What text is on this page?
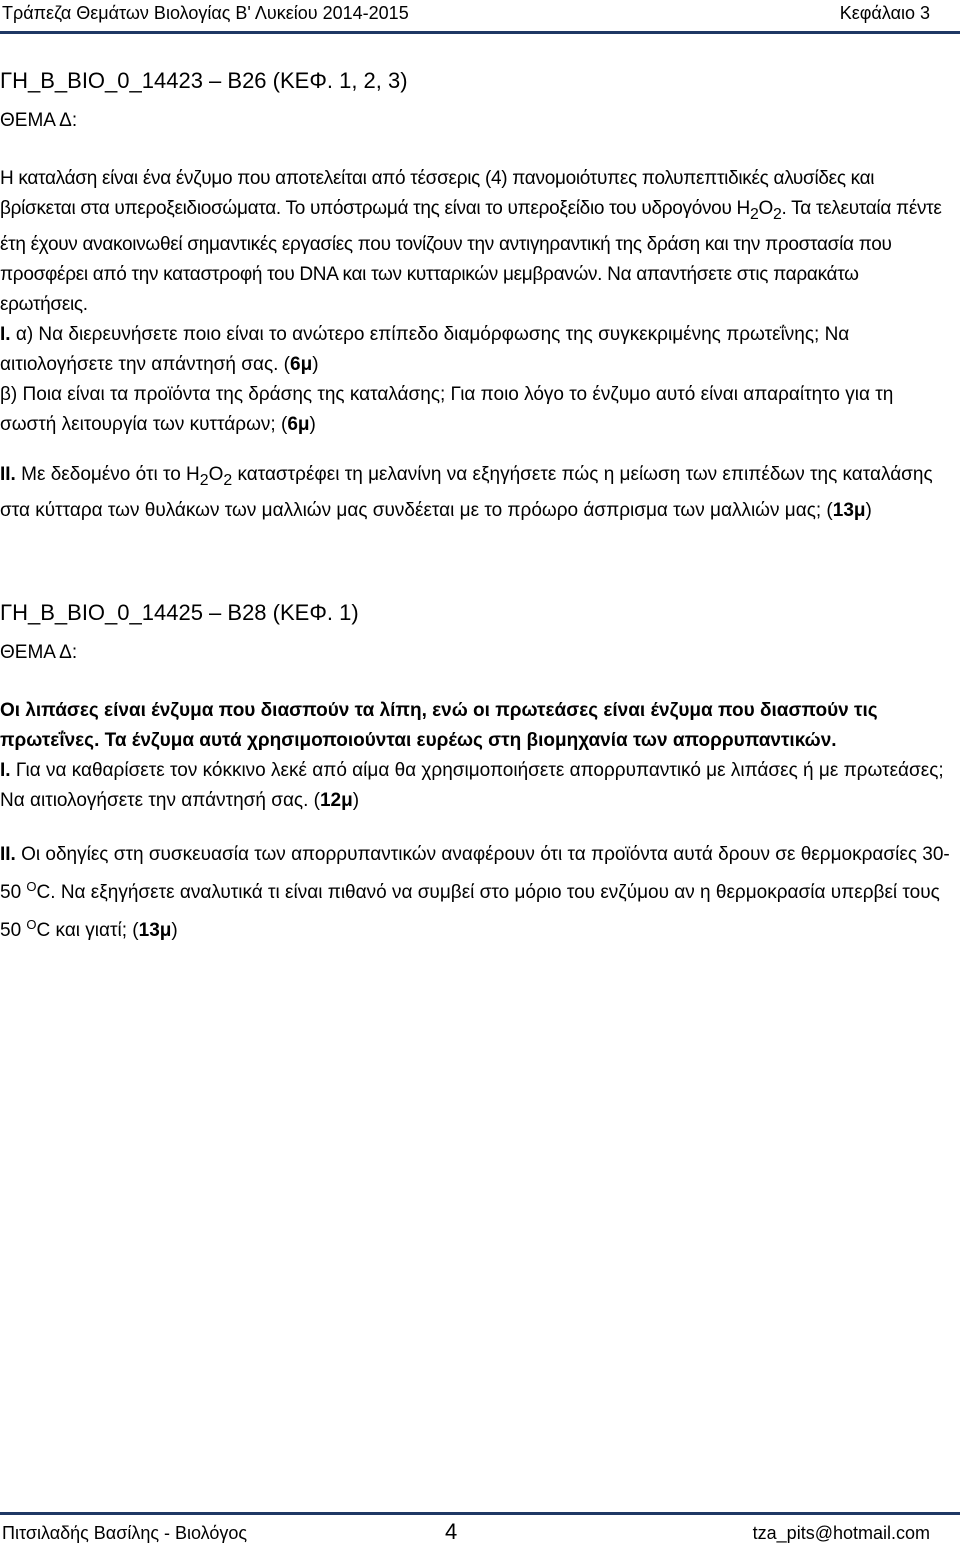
Τράπεζα Θεμάτων Βιολογίας Β' Λυκείου 2014-2015	Κεφάλαιο 3
ΓΗ_Β_ΒΙΟ_0_14423 – Β26 (ΚΕΦ. 1, 2, 3)
ΘΕΜΑ Δ:

Η καταλάση είναι ένα ένζυμο που αποτελείται από τέσσερις (4) πανομοιότυπες πολυπεπτιδικές αλυσίδες και βρίσκεται στα υπεροξειδιοσώματα. Το υπόστρωμά της είναι το υπεροξείδιο του υδρογόνου $H_2O_2$. Τα τελευταία πέντε έτη έχουν ανακοινωθεί σημαντικές εργασίες που τονίζουν την αντιγηραντική της δράση και την προστασία που προσφέρει από την καταστροφή του DNA και των κυτταρικών μεμβρανών. Να απαντήσετε στις παρακάτω ερωτήσεις.

Ι. α) Να διερευνήσετε ποιο είναι το ανώτερο επίπεδο διαμόρφωσης της συγκεκριμένης πρωτεΐνης; Να αιτιολογήσετε την απάντησή σας. (6μ)

β) Ποια είναι τα προϊόντα της δράσης της καταλάσης; Για ποιο λόγο το ένζυμο αυτό είναι απαραίτητο για τη σωστή λειτουργία των κυττάρων; (6μ)

ΙΙ. Με δεδομένο ότι το $H_2O_2$ καταστρέφει τη μελανίνη να εξηγήσετε πώς η μείωση των επιπέδων της καταλάσης στα κύτταρα των θυλάκων των μαλλιών μας συνδέεται με το πρόωρο άσπρισμα των μαλλιών μας; (13μ)

ΓΗ_Β_ΒΙΟ_0_14425 – Β28 (ΚΕΦ. 1)
ΘΕΜΑ Δ:

Οι λιπάσες είναι ένζυμα που διασπούν τα λίπη, ενώ οι πρωτεάσες είναι ένζυμα που διασπούν τις πρωτεΐνες. Τα ένζυμα αυτά χρησιμοποιούνται ευρέως στη βιομηχανία των απορρυπαντικών.

Ι. Για να καθαρίσετε τον κόκκινο λεκέ από αίμα θα χρησιμοποιήσετε απορρυπαντικό με λιπάσες ή με πρωτεάσες; Να αιτιολογήσετε την απάντησή σας. (12μ)

ΙΙ. Οι οδηγίες στη συσκευασία των απορρυπαντικών αναφέρουν ότι τα προϊόντα αυτά δρουν σε θερμοκρασίες 30-50 $^O$C. Να εξηγήσετε αναλυτικά τι είναι πιθανό να συμβεί στο μόριο του ενζύμου αν η θερμοκρασία υπερβεί τους 50 $^O$C και γιατί; (13μ)

Πιτσιλαδής Βασίλης - Βιολόγος	4	tza_pits@hotmail.com
